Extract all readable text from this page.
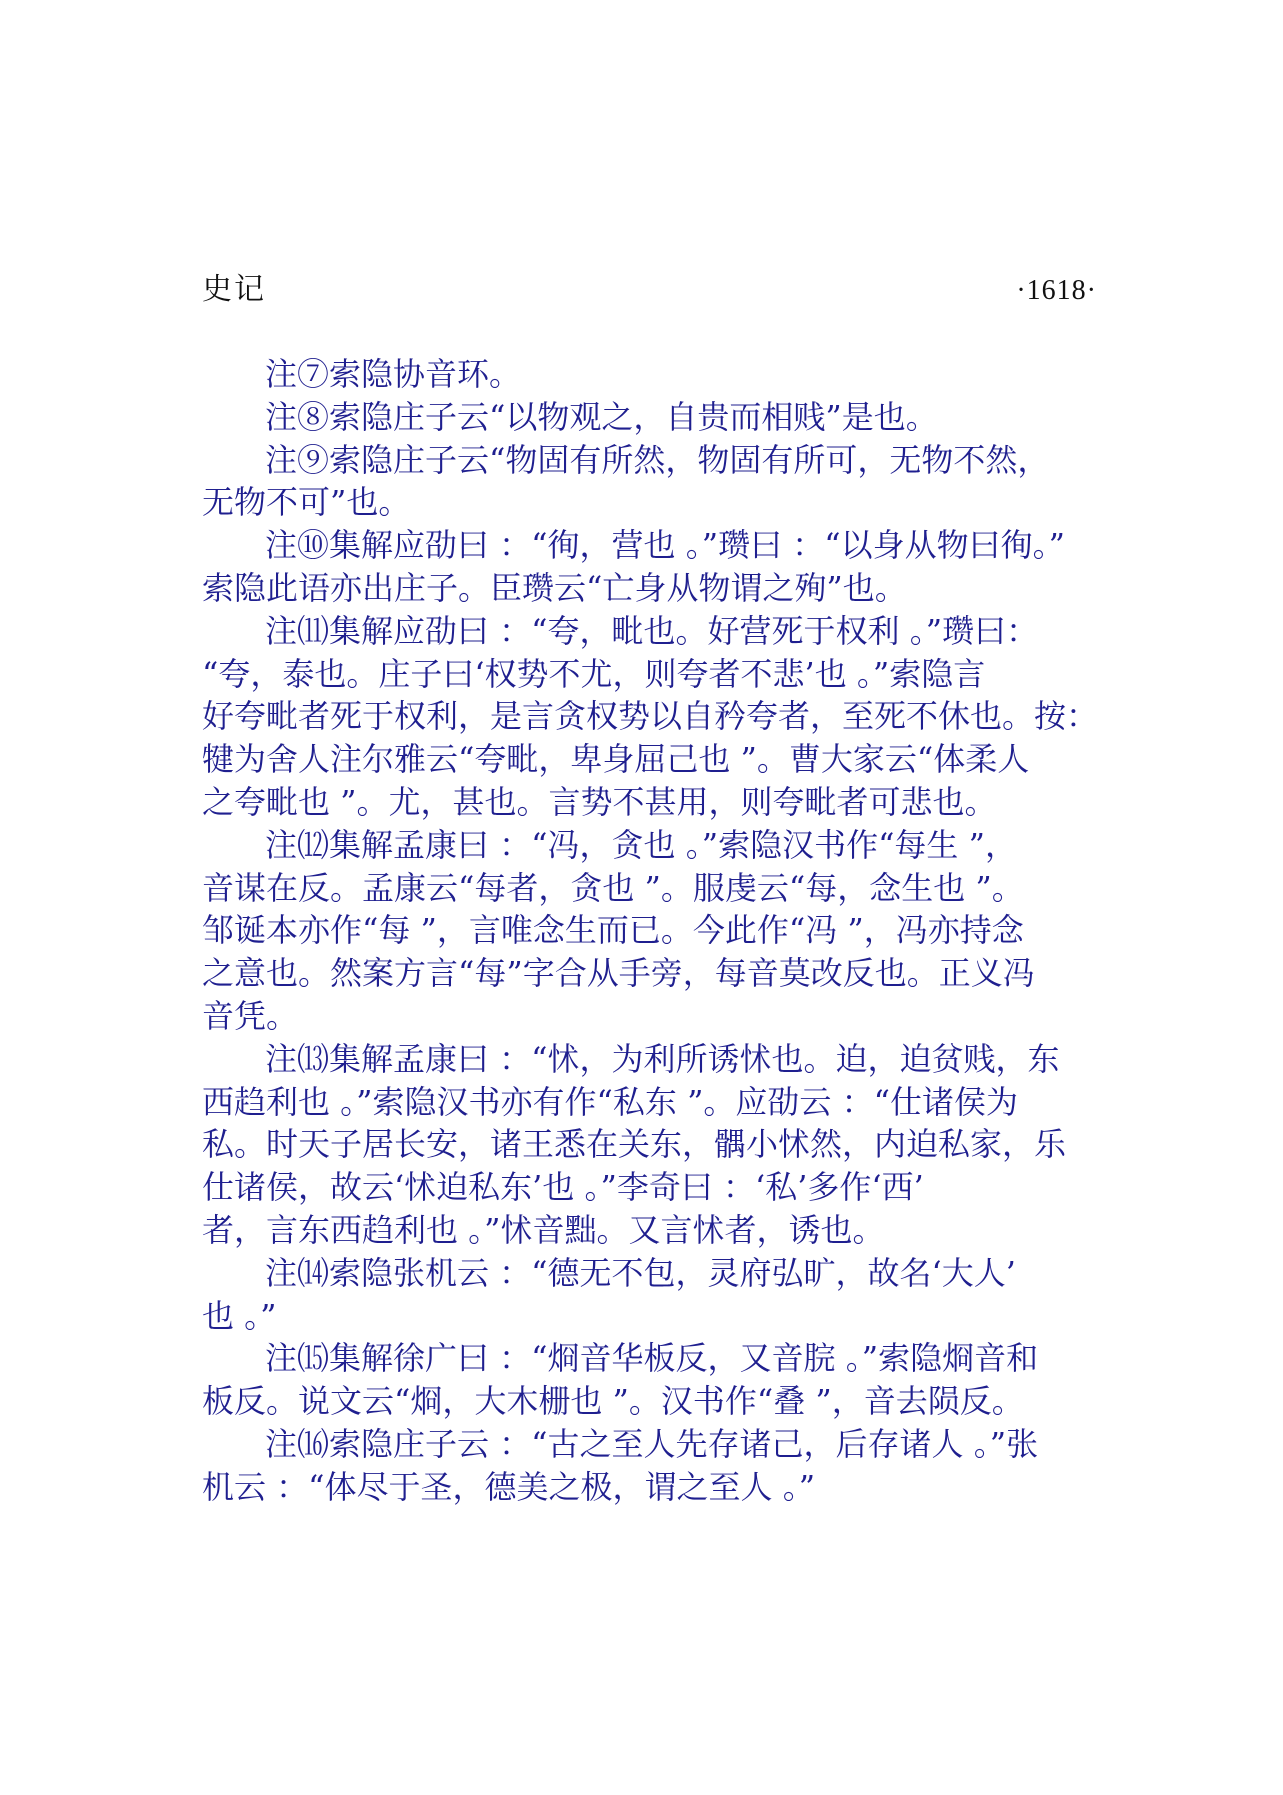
史记	·1618·
注⑦索隐协音环。
注⑧索隐庄子云“以物观之，自贵而相贱”是也。
注⑨索隐庄子云“物固有所然，物固有所可，无物不然，
无物不可”也。
注⑩集解应劭曰 ：“徇，营也 。”瓒曰 ：“以身从物曰徇。”
索隐此语亦出庄子。臣瓒云“亡身从物谓之殉”也。
注⑾集解应劭曰 ：“夸，毗也。好营死于权利 。”瓒曰：
“夸，泰也。庄子曰‘权势不尤，则夸者不悲’也 。”索隐言
好夸毗者死于权利，是言贪权势以自矜夸者，至死不休也。按：
犍为舍人注尔雅云“夸毗，卑身屈己也 ”。曹大家云“体柔人
之夸毗也 ”。尤，甚也。言势不甚用，则夸毗者可悲也。
注⑿集解孟康曰 ：“冯，贪也 。”索隐汉书作“每生 ”，
音谋在反。孟康云“每者，贪也 ”。服虔云“每，念生也 ”。
邹诞本亦作“每 ”，言唯念生而已。今此作“冯 ”，冯亦持念
之意也。然案方言“每”字合从手旁，每音莫改反也。正义冯
音凭。
注⒀集解孟康曰 ：“怵，为利所诱怵也。迫，迫贫贱，东
西趋利也 。”索隐汉书亦有作“私东 ”。应劭云 ：“仕诸侯为
私。时天子居长安，诸王悉在关东，髃小怵然，内迫私家，乐
仕诸侯，故云‘怵迫私东’也 。”李奇曰 ：‘私’多作‘西’
者，言东西趋利也 。”怵音黜。又言怵者，诱也。
注⒁索隐张机云 ：“德无不包，灵府弘旷，故名‘大人’
也 。”
注⒂集解徐广曰 ：“烱音华板反，又音脘 。”索隐烱音和
板反。说文云“烱，大木栅也 ”。汉书作“叠 ”，音去陨反。
注⒃索隐庄子云 ：“古之至人先存诸己，后存诸人 。”张
机云 ：“体尽于圣，德美之极，谓之至人 。”
